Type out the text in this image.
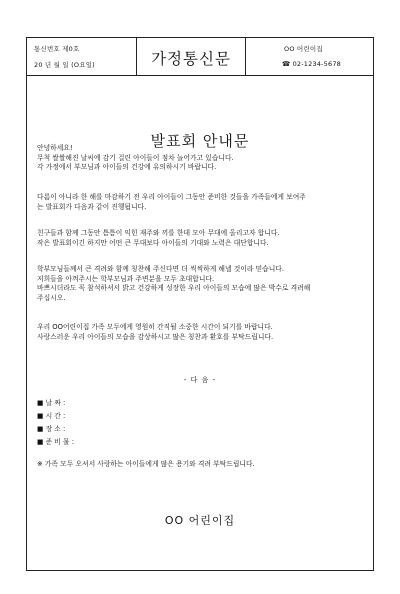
통신번호 제0호
20 년 월 일 (O요일)	가정통신문
OO 어린이집
☎ 02-1234-5678
발표회 안내문
안녕하세요!
무척 쌀쌀해진 날씨에 감기 걸린 아이들이 점차 늘어가고 있습니다.
각 가정에서 부모님과 아이들의 건강에 유의하시기 바랍니다.
다름이 아니라 한 해를 마감하기 전 우리 아이들이 그동안 준비한 것들을 가족들에게 보여주
는 발표회가 다음과 같이 진행됩니다.
친구들과 함께 그동안 틈틈이 익힌 재주와 끼를 한데 모아 무대에 올리고자 합니다.
작은 발표회이긴 하지만 어떤 큰 무대보다 아이들의 기대와 노력은 대단합니다.
학부모님들께서 큰 격려와 함께 칭찬해 주신다면 더 씩씩하게 해낼 것이라 믿습니다.
저희들을 아껴주시는 학부모님과 주변분을 모두 초대합니다.
바쁘시더라도 꼭 참석하셔서 밝고 건강하게 성장한 우리 아이들의 모습에 많은 박수로 격려해
주십시오.
우리 OO어린이집 가족 모두에게 영원히 간직될 소중한 시간이 되기를 바랍니다.
사랑스러운 우리 아이들의 모습을 감상하시고 많은 칭찬과 환호를 부탁드립니다.
- 다 음 -
■ 날 짜 :
■ 시 간 :
■ 장 소 :
■ 준 비 물 :
※ 가족 모두 오셔서 사랑하는 아이들에게 많은 용기와 격려 부탁드립니다.
OO 어린이집
